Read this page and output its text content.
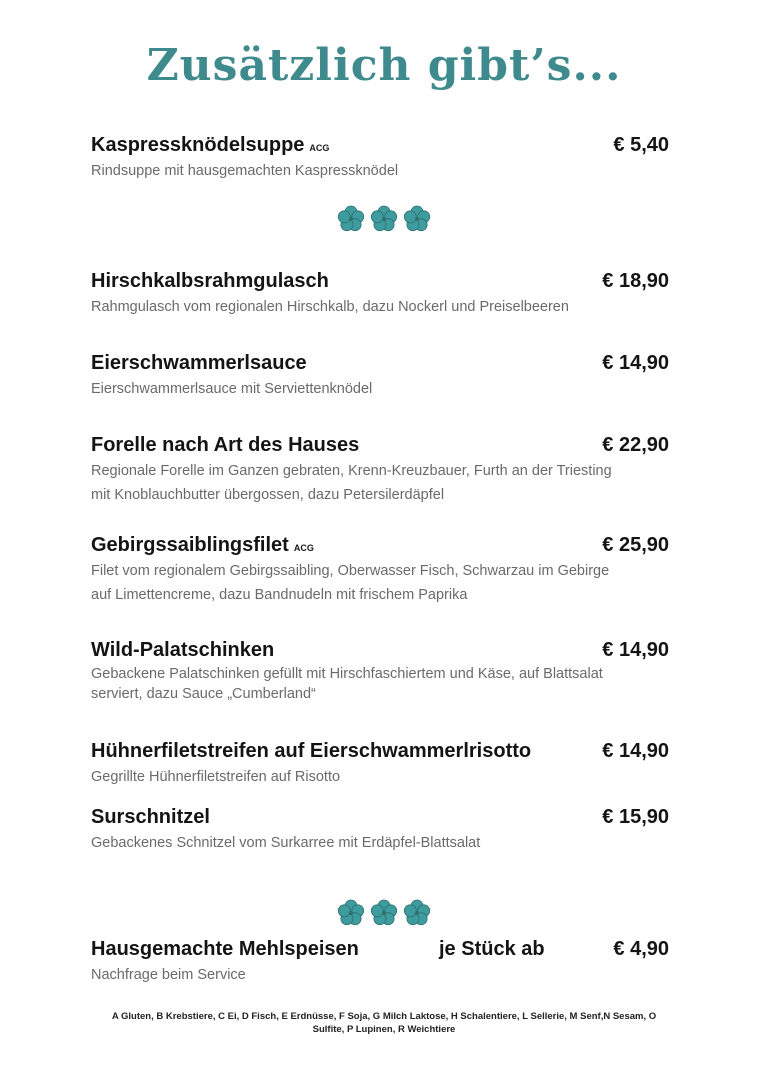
Zusätzlich gibt’s...
Kaspressknödelsuppe ACG	€ 5,40
Rindsuppe mit hausgemachten Kaspressknödel
Hirschkalbsrahmgulasch	€ 18,90
Rahmgulasch vom regionalen Hirschkalb, dazu Nockerl und Preiselbeeren
Eierschwammerlsauce	€ 14,90
Eierschwammerlsauce mit Serviettenknödel
Forelle nach Art des Hauses	€ 22,90
Regionale Forelle im Ganzen gebraten, Krenn-Kreuzbauer, Furth an der Triesting
mit Knoblauchbutter übergossen, dazu Petersilerdäpfel
Gebirgssaiblingsfilet ACG	€ 25,90
Filet vom regionalem Gebirgssaibling, Oberwasser Fisch, Schwarzau im Gebirge
auf Limettencreme, dazu Bandnudeln mit frischem Paprika
Wild-Palatschinken	€ 14,90
Gebackene Palatschinken gefüllt mit Hirschfaschiertem und Käse, auf Blattsalat
serviert, dazu Sauce „Cumberland“
Hühnerfiletstreifen auf Eierschwammerlrisotto	€ 14,90
Gegrillte Hühnerfiletstreifen auf Risotto
Surschnitzel	€ 15,90
Gebackenes Schnitzel vom Surkarree mit Erdäpfel-Blattsalat
Hausgemachte Mehlspeisen	€ 4,90
Nachfrage beim Service
je Stück ab
A Gluten, B Krebstiere, C Ei, D Fisch, E Erdnüsse, F Soja, G Milch Laktose, H Schalentiere, L Sellerie, M Senf,N Sesam, O
Sulfite, P Lupinen, R Weichtiere
